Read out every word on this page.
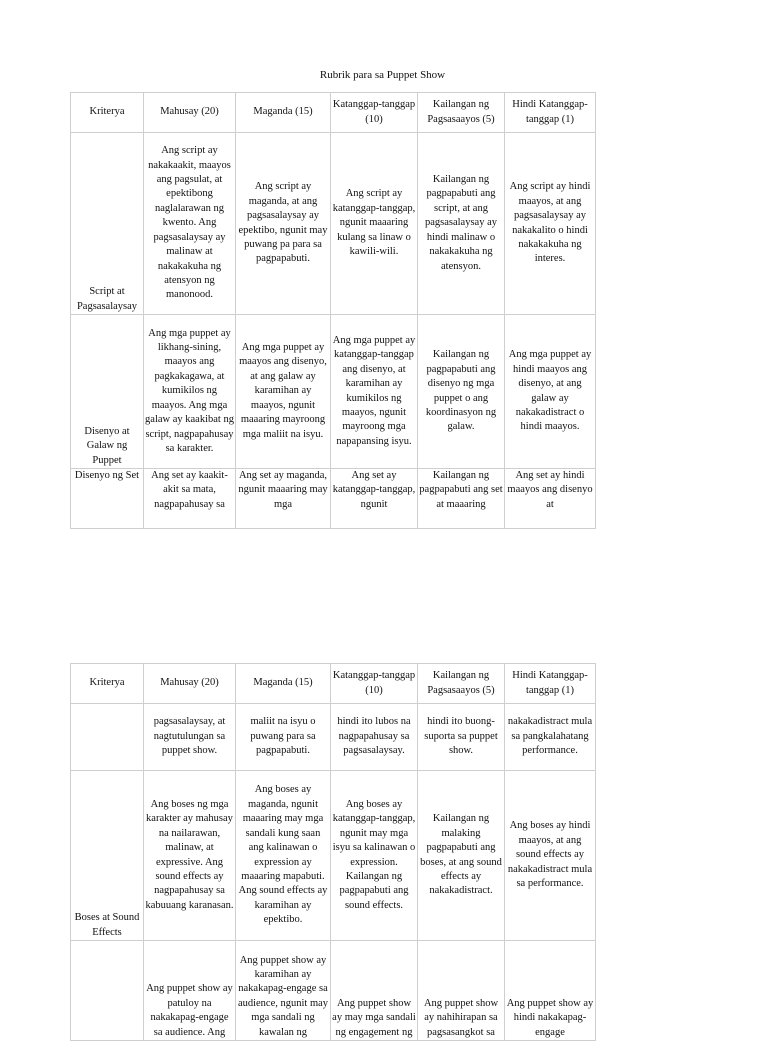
Rubrik para sa Puppet Show
Kriterya	Mahusay (20)	Maganda (15)	Katanggap-tanggap (10)	Kailangan ng Pagsasaayos (5)	Hindi Katanggap-tanggap (1)
Script at Pagsasalaysay	Ang script ay nakakaakit, maayos ang pagsulat, at epektibong naglalarawan ng kwento. Ang pagsasalaysay ay malinaw at nakakakuha ng atensyon ng manonood.	Ang script ay maganda, at ang pagsasalaysay ay epektibo, ngunit may puwang pa para sa pagpapabuti.	Ang script ay katanggap-tanggap, ngunit maaaring kulang sa linaw o kawili-wili.	Kailangan ng pagpapabuti ang script, at ang pagsasalaysay ay hindi malinaw o nakakakuha ng atensyon.	Ang script ay hindi maayos, at ang pagsasalaysay ay nakakalito o hindi nakakakuha ng interes.
Disenyo at Galaw ng Puppet	Ang mga puppet ay likhang-sining, maayos ang pagkakagawa, at kumikilos ng maayos. Ang mga galaw ay kaakibat ng script, nagpapahusay sa karakter.	Ang mga puppet ay maayos ang disenyo, at ang galaw ay karamihan ay maayos, ngunit maaaring mayroong mga maliit na isyu.	Ang mga puppet ay katanggap-tanggap ang disenyo, at karamihan ay kumikilos ng maayos, ngunit mayroong mga napapansing isyu.	Kailangan ng pagpapabuti ang disenyo ng mga puppet o ang koordinasyon ng galaw.	Ang mga puppet ay hindi maayos ang disenyo, at ang galaw ay nakakadistract o hindi maayos.
Disenyo ng Set	Ang set ay kaakit-akit sa mata, nagpapahusay sa	Ang set ay maganda, ngunit maaaring may mga	Ang set ay katanggap-tanggap, ngunit	Kailangan ng pagpapabuti ang set at maaaring	Ang set ay hindi maayos ang disenyo at
Kriterya	Mahusay (20)	Maganda (15)	Katanggap-tanggap (10)	Kailangan ng Pagsasaayos (5)	Hindi Katanggap-tanggap (1)
	pagsasalaysay, at nagtutulungan sa puppet show.	maliit na isyu o puwang para sa pagpapabuti.	hindi ito lubos na nagpapahusay sa pagsasalaysay.	hindi ito buong-suporta sa puppet show.	nakakadistract mula sa pangkalahatang performance.
Boses at Sound Effects	Ang boses ng mga karakter ay mahusay na nailarawan, malinaw, at expressive. Ang sound effects ay nagpapahusay sa kabuuang karanasan.	Ang boses ay maganda, ngunit maaaring may mga sandali kung saan ang kalinawan o expression ay maaaring mapabuti. Ang sound effects ay karamihan ay epektibo.	Ang boses ay katanggap-tanggap, ngunit may mga isyu sa kalinawan o expression. Kailangan ng pagpapabuti ang sound effects.	Kailangan ng malaking pagpapabuti ang boses, at ang sound effects ay nakakadistract.	Ang boses ay hindi maayos, at ang sound effects ay nakakadistract mula sa performance.
	Ang puppet show ay patuloy na nakakapag-engage sa audience. Ang	Ang puppet show ay karamihan ay nakakapag-engage sa audience, ngunit may mga sandali ng kawalan ng	Ang puppet show ay may mga sandali ng engagement ng	Ang puppet show ay nahihirapan sa pagsasangkot sa	Ang puppet show ay hindi nakakapag-engage
